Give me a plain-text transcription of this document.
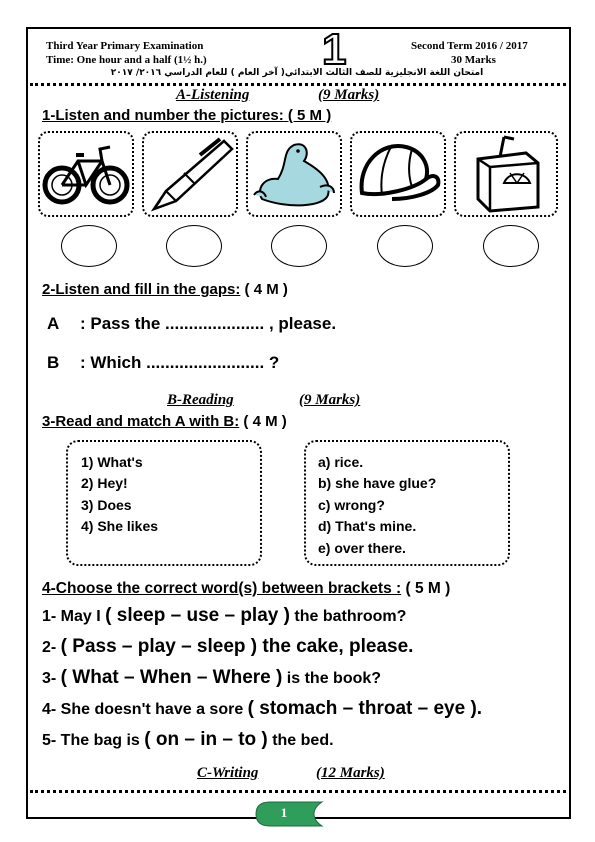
Third Year Primary Examination
Time: One hour and a half (1½ h.)	1	Second Term 2016 / 2017
30 Marks
امتحان اللغة الانجليزية للصف الثالث الابتدائي( آخر العام ) للعام الدراسي ٢٠١٦/ ٢٠١٧
A-Listening	(9 Marks)
1-Listen and number the pictures: ( 5 M )
2-Listen and fill in the gaps: ( 4 M )
A : Pass the ..................... , please.
B : Which ......................... ?
B-Reading	(9 Marks)
3-Read and match A with B: ( 4 M )
1) What's
2) Hey!
3) Does
4) She likes
a) rice.
b) she have glue?
c) wrong?
d) That's mine.
e) over there.
4-Choose the correct word(s) between brackets : ( 5 M )
1- May I ( sleep – use – play ) the bathroom?
2- ( Pass – play – sleep ) the cake, please.
3- ( What – When – Where ) is the book?
4- She doesn't have a sore ( stomach – throat – eye ).
5- The bag is ( on – in – to ) the bed.
C-Writing	(12 Marks)
1
